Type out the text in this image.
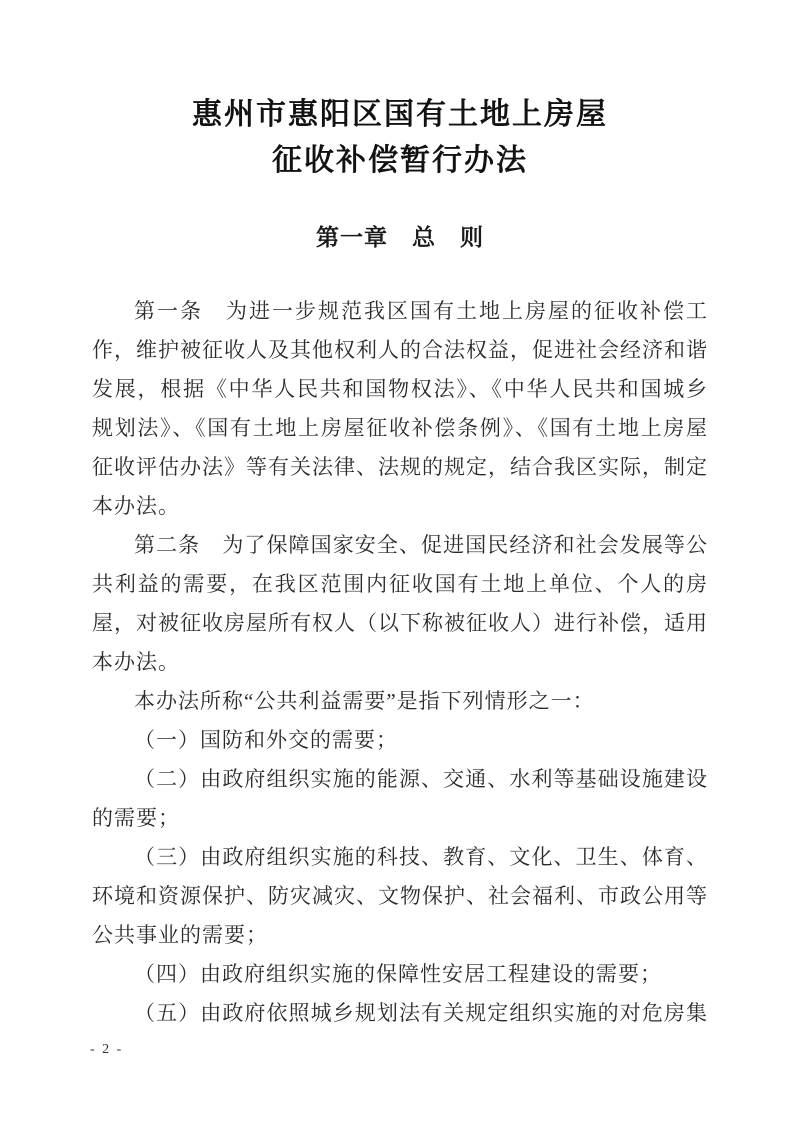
惠州市惠阳区国有土地上房屋
征收补偿暂行办法
第一章　总　则

第一条　为进一步规范我区国有土地上房屋的征收补偿工作，维护被征收人及其他权利人的合法权益，促进社会经济和谐发展，根据《中华人民共和国物权法》、《中华人民共和国城乡规划法》、《国有土地上房屋征收补偿条例》、《国有土地上房屋征收评估办法》等有关法律、法规的规定，结合我区实际，制定本办法。

第二条　为了保障国家安全、促进国民经济和社会发展等公共利益的需要，在我区范围内征收国有土地上单位、个人的房屋，对被征收房屋所有权人（以下称被征收人）进行补偿，适用本办法。

本办法所称“公共利益需要”是指下列情形之一：

（一）国防和外交的需要；

（二）由政府组织实施的能源、交通、水利等基础设施建设的需要；

（三）由政府组织实施的科技、教育、文化、卫生、体育、环境和资源保护、防灾减灾、文物保护、社会福利、市政公用等公共事业的需要；

（四）由政府组织实施的保障性安居工程建设的需要；

（五）由政府依照城乡规划法有关规定组织实施的对危房集

- 2 -
